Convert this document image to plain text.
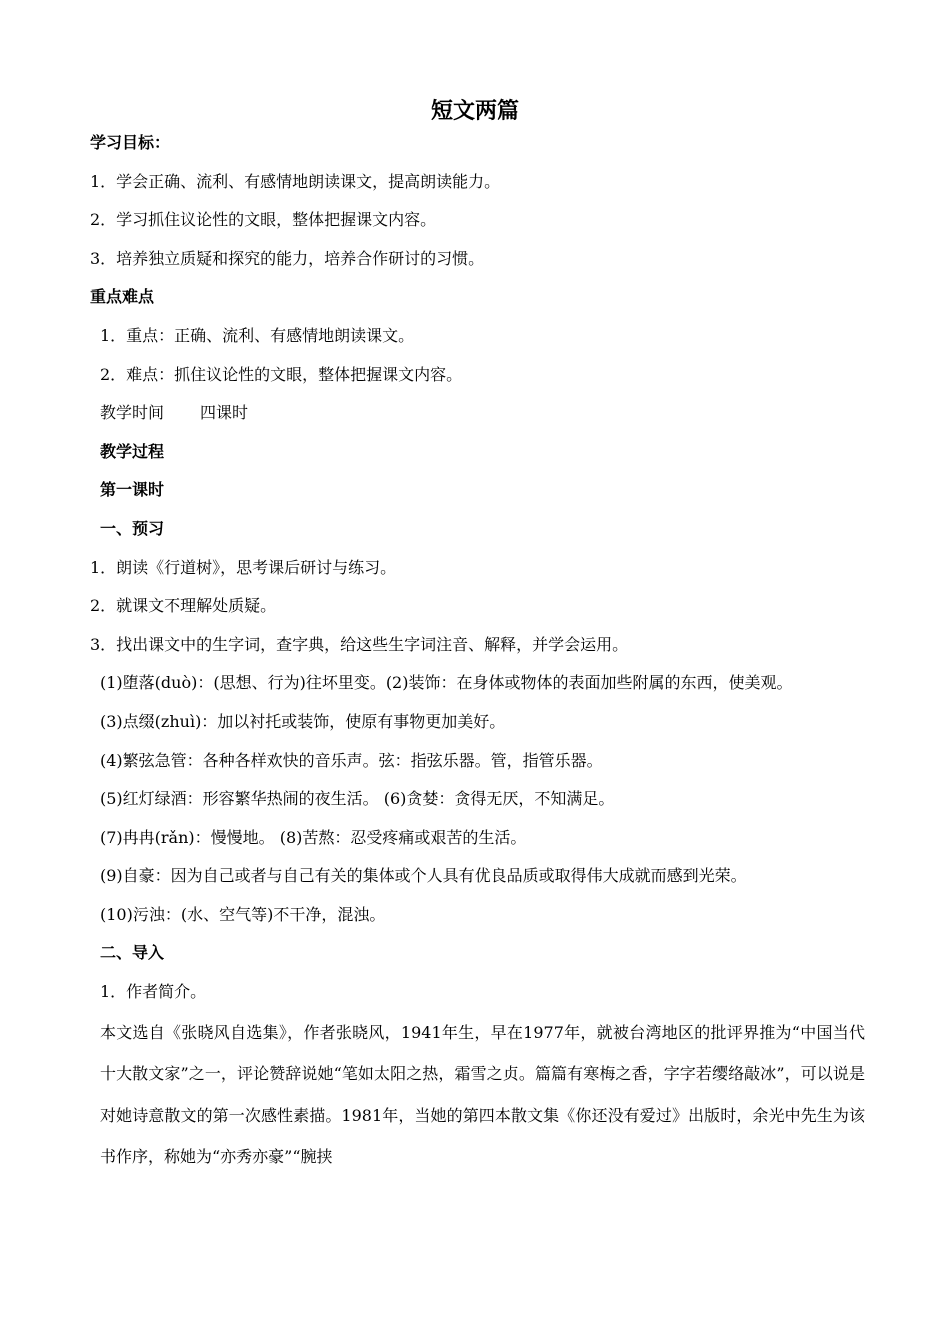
短文两篇

学习目标：

1．学会正确、流利、有感情地朗读课文，提高朗读能力。

2．学习抓住议论性的文眼，整体把握课文内容。

3．培养独立质疑和探究的能力，培养合作研讨的习惯。

重点难点

1．重点：正确、流利、有感情地朗读课文。

2．难点：抓住议论性的文眼，整体把握课文内容。

教学时间 四课时

教学过程

第一课时

一、预习

1．朗读《行道树》，思考课后研讨与练习。

2．就课文不理解处质疑。

3．找出课文中的生字词，查字典，给这些生字词注音、解释，并学会运用。

(1)堕落(duò)：(思想、行为)往坏里变。(2)装饰：在身体或物体的表面加些附属的东西，使美观。

(3)点缀(zhuì)：加以衬托或装饰，使原有事物更加美好。

(4)繁弦急管：各种各样欢快的音乐声。弦：指弦乐器。管，指管乐器。

(5)红灯绿酒：形容繁华热闹的夜生活。 (6)贪婪：贪得无厌，不知满足。

(7)冉冉(rǎn)：慢慢地。 (8)苦熬：忍受疼痛或艰苦的生活。

(9)自豪：因为自己或者与自己有关的集体或个人具有优良品质或取得伟大成就而感到光荣。

(10)污浊：(水、空气等)不干净，混浊。

二、导入

1．作者简介。

本文选自《张晓风自选集》，作者张晓风，1941年生，早在1977年，就被台湾地区的批评界推为“中国当代十大散文家”之一，评论赞辞说她“笔如太阳之热，霜雪之贞。篇篇有寒梅之香，字字若缨络敲冰”，可以说是对她诗意散文的第一次感性素描。1981年，当她的第四本散文集《你还没有爱过》出版时，余光中先生为该书作序，称她为“亦秀亦豪”“腕挟
